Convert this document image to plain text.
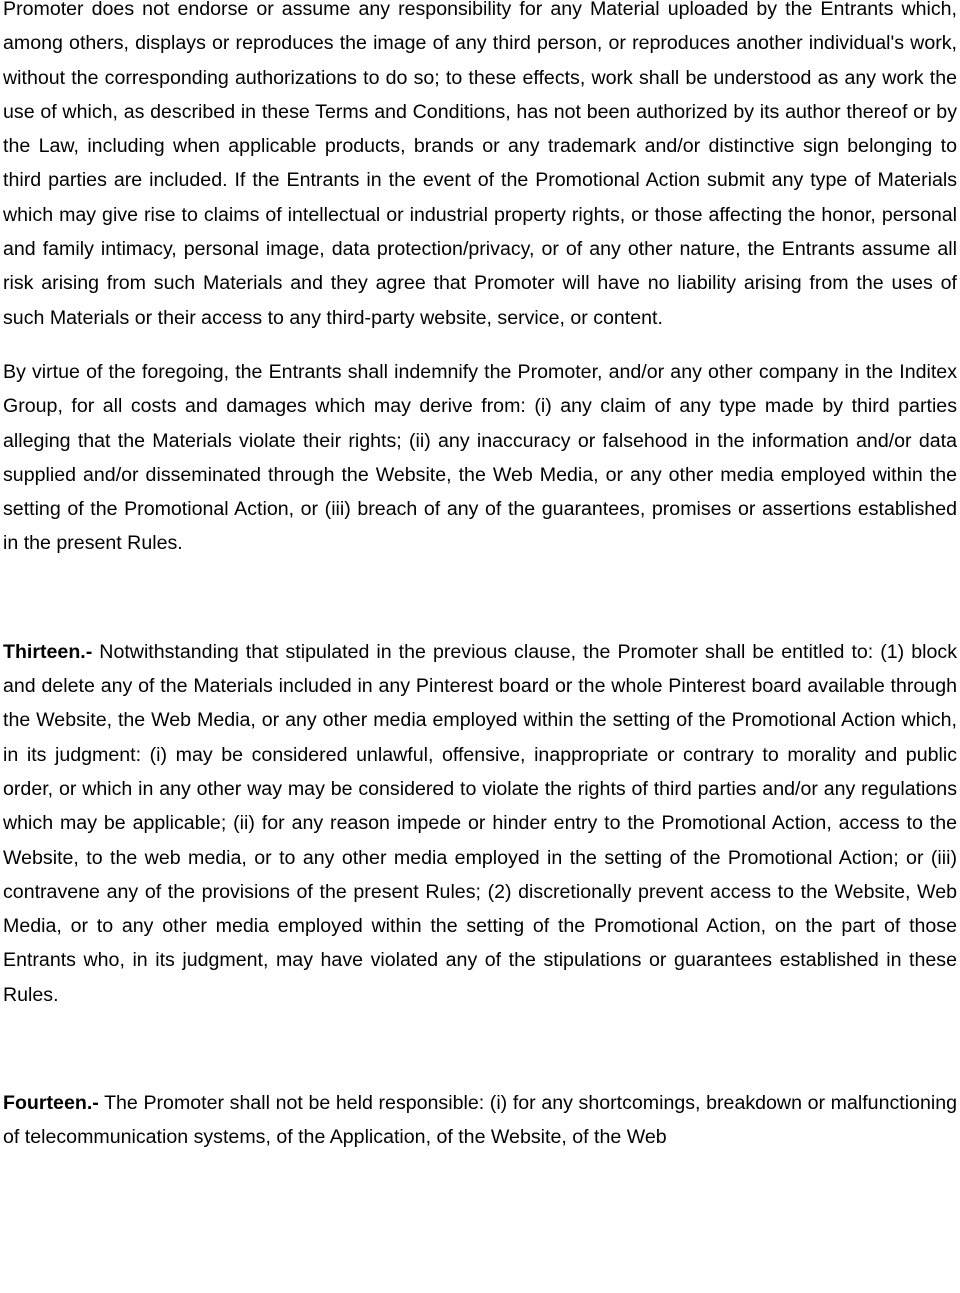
Promoter does not endorse or assume any responsibility for any Material uploaded by the Entrants which, among others, displays or reproduces the image of any third person, or reproduces another individual's work, without the corresponding authorizations to do so; to these effects, work shall be understood as any work the use of which, as described in these Terms and Conditions, has not been authorized by its author thereof or by the Law, including when applicable products, brands or any trademark and/or distinctive sign belonging to third parties are included. If the Entrants in the event of the Promotional Action submit any type of Materials which may give rise to claims of intellectual or industrial property rights, or those affecting the honor, personal and family intimacy, personal image, data protection/privacy, or of any other nature, the Entrants assume all risk arising from such Materials and they agree that Promoter will have no liability arising from the uses of such Materials or their access to any third-party website, service, or content.

By virtue of the foregoing, the Entrants shall indemnify the Promoter, and/or any other company in the Inditex Group, for all costs and damages which may derive from: (i) any claim of any type made by third parties alleging that the Materials violate their rights; (ii) any inaccuracy or falsehood in the information and/or data supplied and/or disseminated through the Website, the Web Media, or any other media employed within the setting of the Promotional Action, or (iii) breach of any of the guarantees, promises or assertions established in the present Rules.

Thirteen.- Notwithstanding that stipulated in the previous clause, the Promoter shall be entitled to: (1) block and delete any of the Materials included in any Pinterest board or the whole Pinterest board available through the Website, the Web Media, or any other media employed within the setting of the Promotional Action which, in its judgment: (i) may be considered unlawful, offensive, inappropriate or contrary to morality and public order, or which in any other way may be considered to violate the rights of third parties and/or any regulations which may be applicable; (ii) for any reason impede or hinder entry to the Promotional Action, access to the Website, to the web media, or to any other media employed in the setting of the Promotional Action; or (iii) contravene any of the provisions of the present Rules; (2) discretionally prevent access to the Website, Web Media, or to any other media employed within the setting of the Promotional Action, on the part of those Entrants who, in its judgment, may have violated any of the stipulations or guarantees established in these Rules.

Fourteen.- The Promoter shall not be held responsible: (i) for any shortcomings, breakdown or malfunctioning of telecommunication systems, of the Application, of the Website, of the Web
